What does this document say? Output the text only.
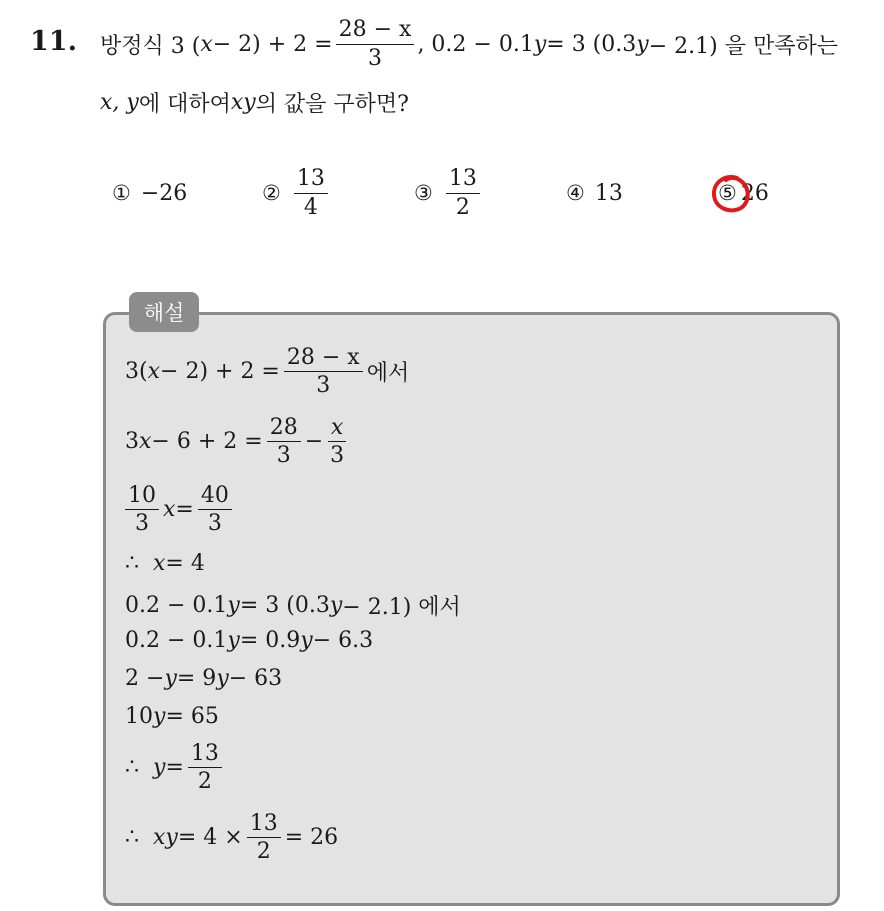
11. 방정식 3 ( $x - 2) + 2 = \frac{28 - x}{3}$ , 0.2 − 0.1 y = 3 (0.3 y − 2.1) 을 만족하는
x, y 에 대하여 xy 의 값을 구하면?
① −26	② $\frac{13}{4}$	③ $\frac{13}{2}$	④ 13	⑤ 26
해설
3( $x - 2) + 2 = \frac{28 - x}{3}$ 에서
3 $x - 6 + 2 = \frac{28}{3} - \frac{x}{3}$
$\frac{10}{3}$ $x = \frac{40}{3}$
∴ x = 4
0.2 − 0.1 y = 3 (0.3 y − 2.1) 에서
0.2 − 0.1 y = 0.9 y − 6.3
2 − y = 9 y − 63
10 y = 65
∴ $y = \frac{13}{2}$
∴ xy = $4 \times \frac{13}{2} = 26$
